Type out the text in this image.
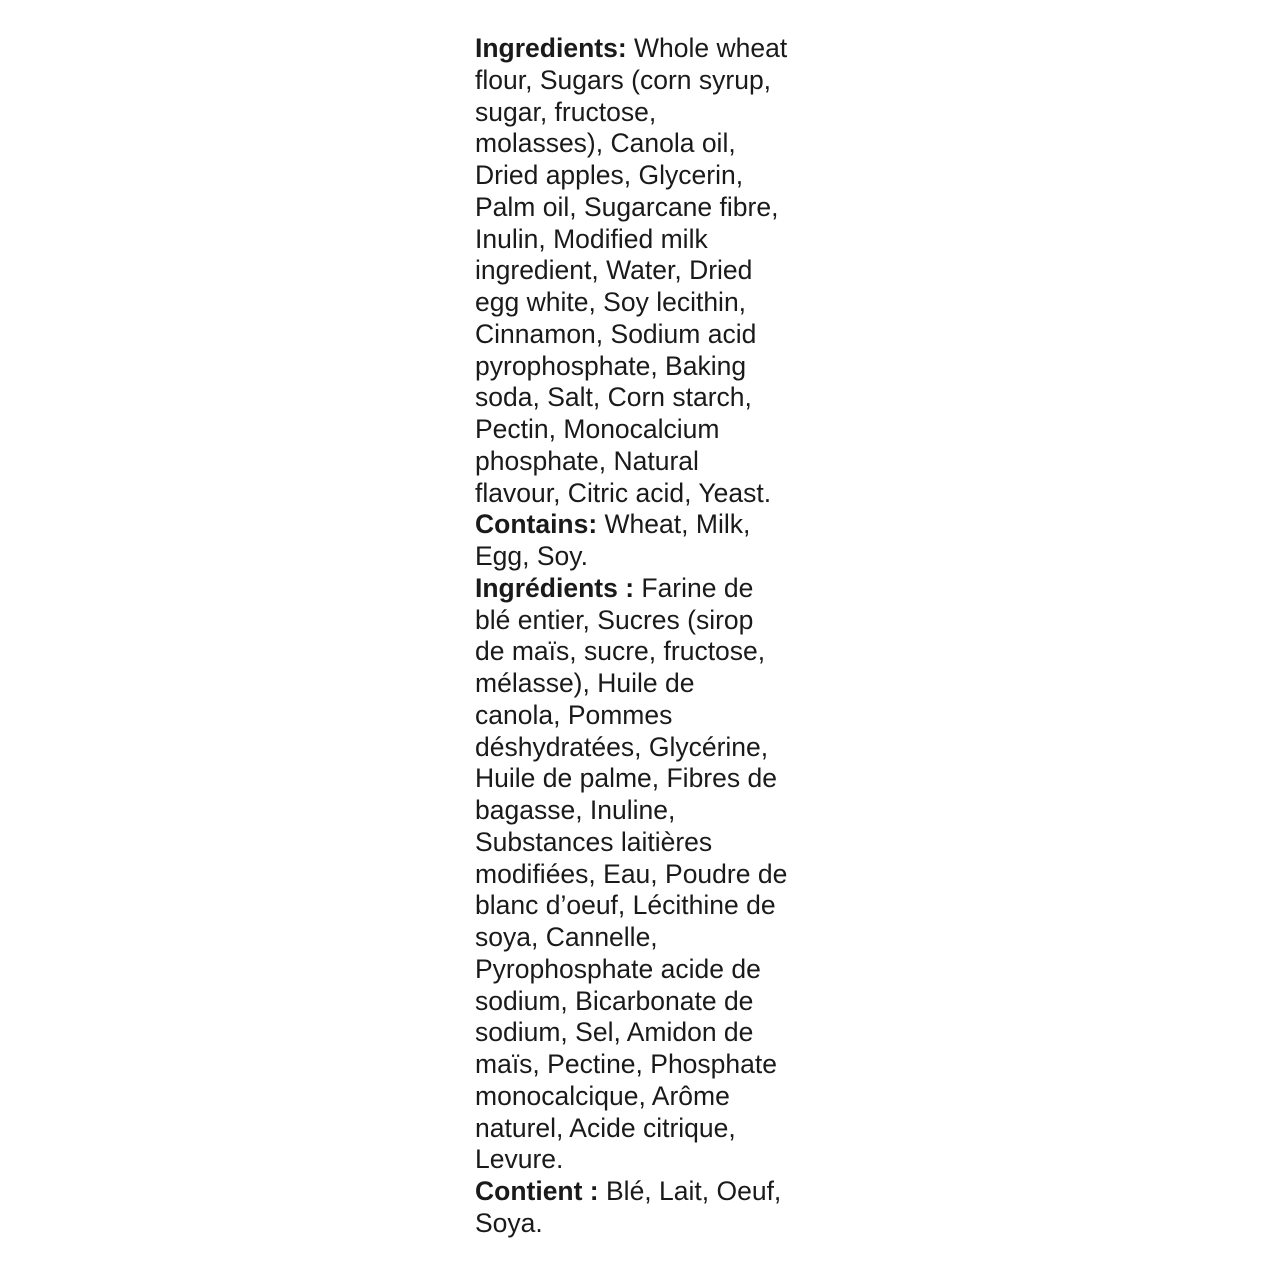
Ingredients: Whole wheat
flour, Sugars (corn syrup,
sugar, fructose,
molasses), Canola oil,
Dried apples, Glycerin,
Palm oil, Sugarcane fibre,
Inulin, Modified milk
ingredient, Water, Dried
egg white, Soy lecithin,
Cinnamon, Sodium acid
pyrophosphate, Baking
soda, Salt, Corn starch,
Pectin, Monocalcium
phosphate, Natural
flavour, Citric acid, Yeast.
Contains: Wheat, Milk,
Egg, Soy.
Ingrédients : Farine de
blé entier, Sucres (sirop
de maïs, sucre, fructose,
mélasse), Huile de
canola, Pommes
déshydratées, Glycérine,
Huile de palme, Fibres de
bagasse, Inuline,
Substances laitières
modifiées, Eau, Poudre de
blanc d’oeuf, Lécithine de
soya, Cannelle,
Pyrophosphate acide de
sodium, Bicarbonate de
sodium, Sel, Amidon de
maïs, Pectine, Phosphate
monocalcique, Arôme
naturel, Acide citrique,
Levure.
Contient : Blé, Lait, Oeuf,
Soya.
